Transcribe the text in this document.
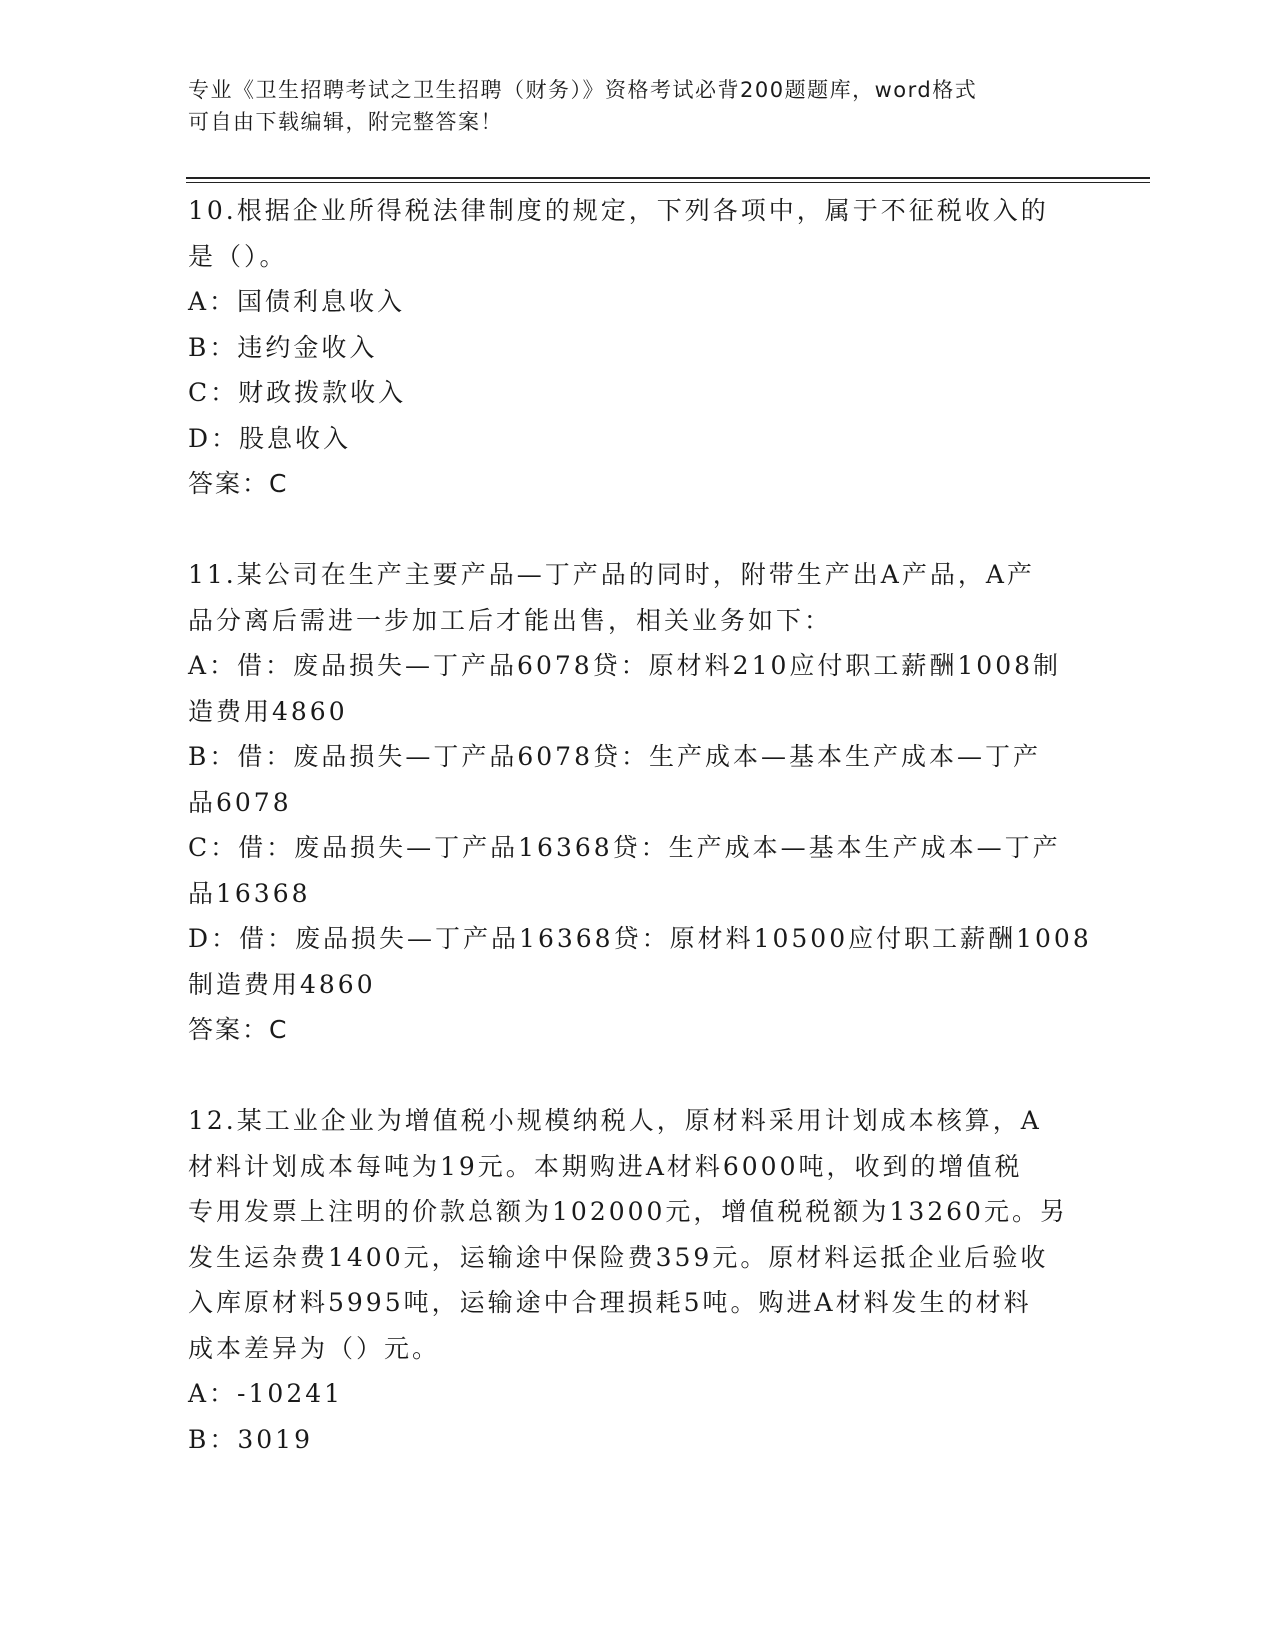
专业《卫生招聘考试之卫生招聘（财务）》资格考试必背200题题库，word格式
可自由下载编辑，附完整答案！
10.根据企业所得税法律制度的规定，下列各项中，属于不征税收入的
是（）。
A：国债利息收入
B：违约金收入
C：财政拨款收入
D：股息收入
答案：C
11.某公司在生产主要产品—丁产品的同时，附带生产出A产品，A产
品分离后需进一步加工后才能出售，相关业务如下：
A：借：废品损失—丁产品6078贷：原材料210应付职工薪酬1008制
造费用4860
B：借：废品损失—丁产品6078贷：生产成本—基本生产成本—丁产
品6078
C：借：废品损失—丁产品16368贷：生产成本—基本生产成本—丁产
品16368
D：借：废品损失—丁产品16368贷：原材料10500应付职工薪酬1008
制造费用4860
答案：C
12.某工业企业为增值税小规模纳税人，原材料采用计划成本核算，A
材料计划成本每吨为19元。本期购进A材料6000吨，收到的增值税
专用发票上注明的价款总额为102000元，增值税税额为13260元。另
发生运杂费1400元，运输途中保险费359元。原材料运抵企业后验收
入库原材料5995吨，运输途中合理损耗5吨。购进A材料发生的材料
成本差异为（）元。
A：-10241
B：3019
